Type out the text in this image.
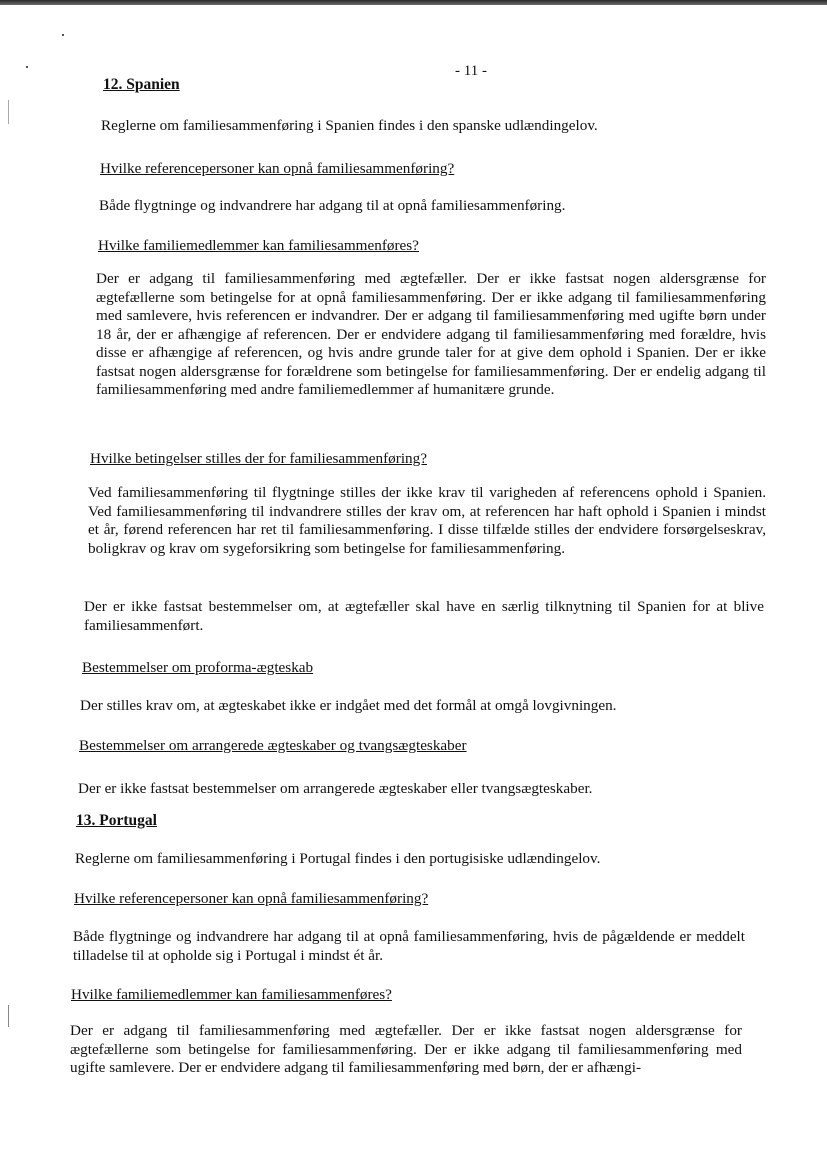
- 11 -

12. Spanien

Reglerne om familiesammenføring i Spanien findes i den spanske udlændingelov.

Hvilke referencepersoner kan opnå familiesammenføring?

Både flygtninge og indvandrere har adgang til at opnå familiesammenføring.

Hvilke familiemedlemmer kan familiesammenføres?

Der er adgang til familiesammenføring med ægtefæller. Der er ikke fastsat nogen aldersgrænse for ægtefællerne som betingelse for at opnå familiesammenføring. Der er ikke adgang til familiesammenføring med samlevere, hvis referencen er indvandrer. Der er adgang til familiesammenføring med ugifte børn under 18 år, der er afhængige af referencen. Der er endvidere adgang til familiesammenføring med forældre, hvis disse er afhængige af referencen, og hvis andre grunde taler for at give dem ophold i Spanien. Der er ikke fastsat nogen aldersgrænse for forældrene som betingelse for familiesammenføring. Der er endelig adgang til familiesammenføring med andre familiemedlemmer af humanitære grunde.

Hvilke betingelser stilles der for familiesammenføring?

Ved familiesammenføring til flygtninge stilles der ikke krav til varigheden af referencens ophold i Spanien. Ved familiesammenføring til indvandrere stilles der krav om, at referencen har haft ophold i Spanien i mindst et år, førend referencen har ret til familiesammenføring. I disse tilfælde stilles der endvidere forsørgelseskrav, boligkrav og krav om sygeforsikring som betingelse for familiesammenføring.

Der er ikke fastsat bestemmelser om, at ægtefæller skal have en særlig tilknytning til Spanien for at blive familiesammenført.

Bestemmelser om proforma-ægteskab

Der stilles krav om, at ægteskabet ikke er indgået med det formål at omgå lovgivningen.

Bestemmelser om arrangerede ægteskaber og tvangsægteskaber

Der er ikke fastsat bestemmelser om arrangerede ægteskaber eller tvangsægteskaber.

13. Portugal

Reglerne om familiesammenføring i Portugal findes i den portugisiske udlændingelov.

Hvilke referencepersoner kan opnå familiesammenføring?

Både flygtninge og indvandrere har adgang til at opnå familiesammenføring, hvis de pågældende er meddelt tilladelse til at opholde sig i Portugal i mindst ét år.

Hvilke familiemedlemmer kan familiesammenføres?

Der er adgang til familiesammenføring med ægtefæller. Der er ikke fastsat nogen aldersgrænse for ægtefællerne som betingelse for familiesammenføring. Der er ikke adgang til familiesammenføring med ugifte samlevere. Der er endvidere adgang til familiesammenføring med børn, der er afhængi-
